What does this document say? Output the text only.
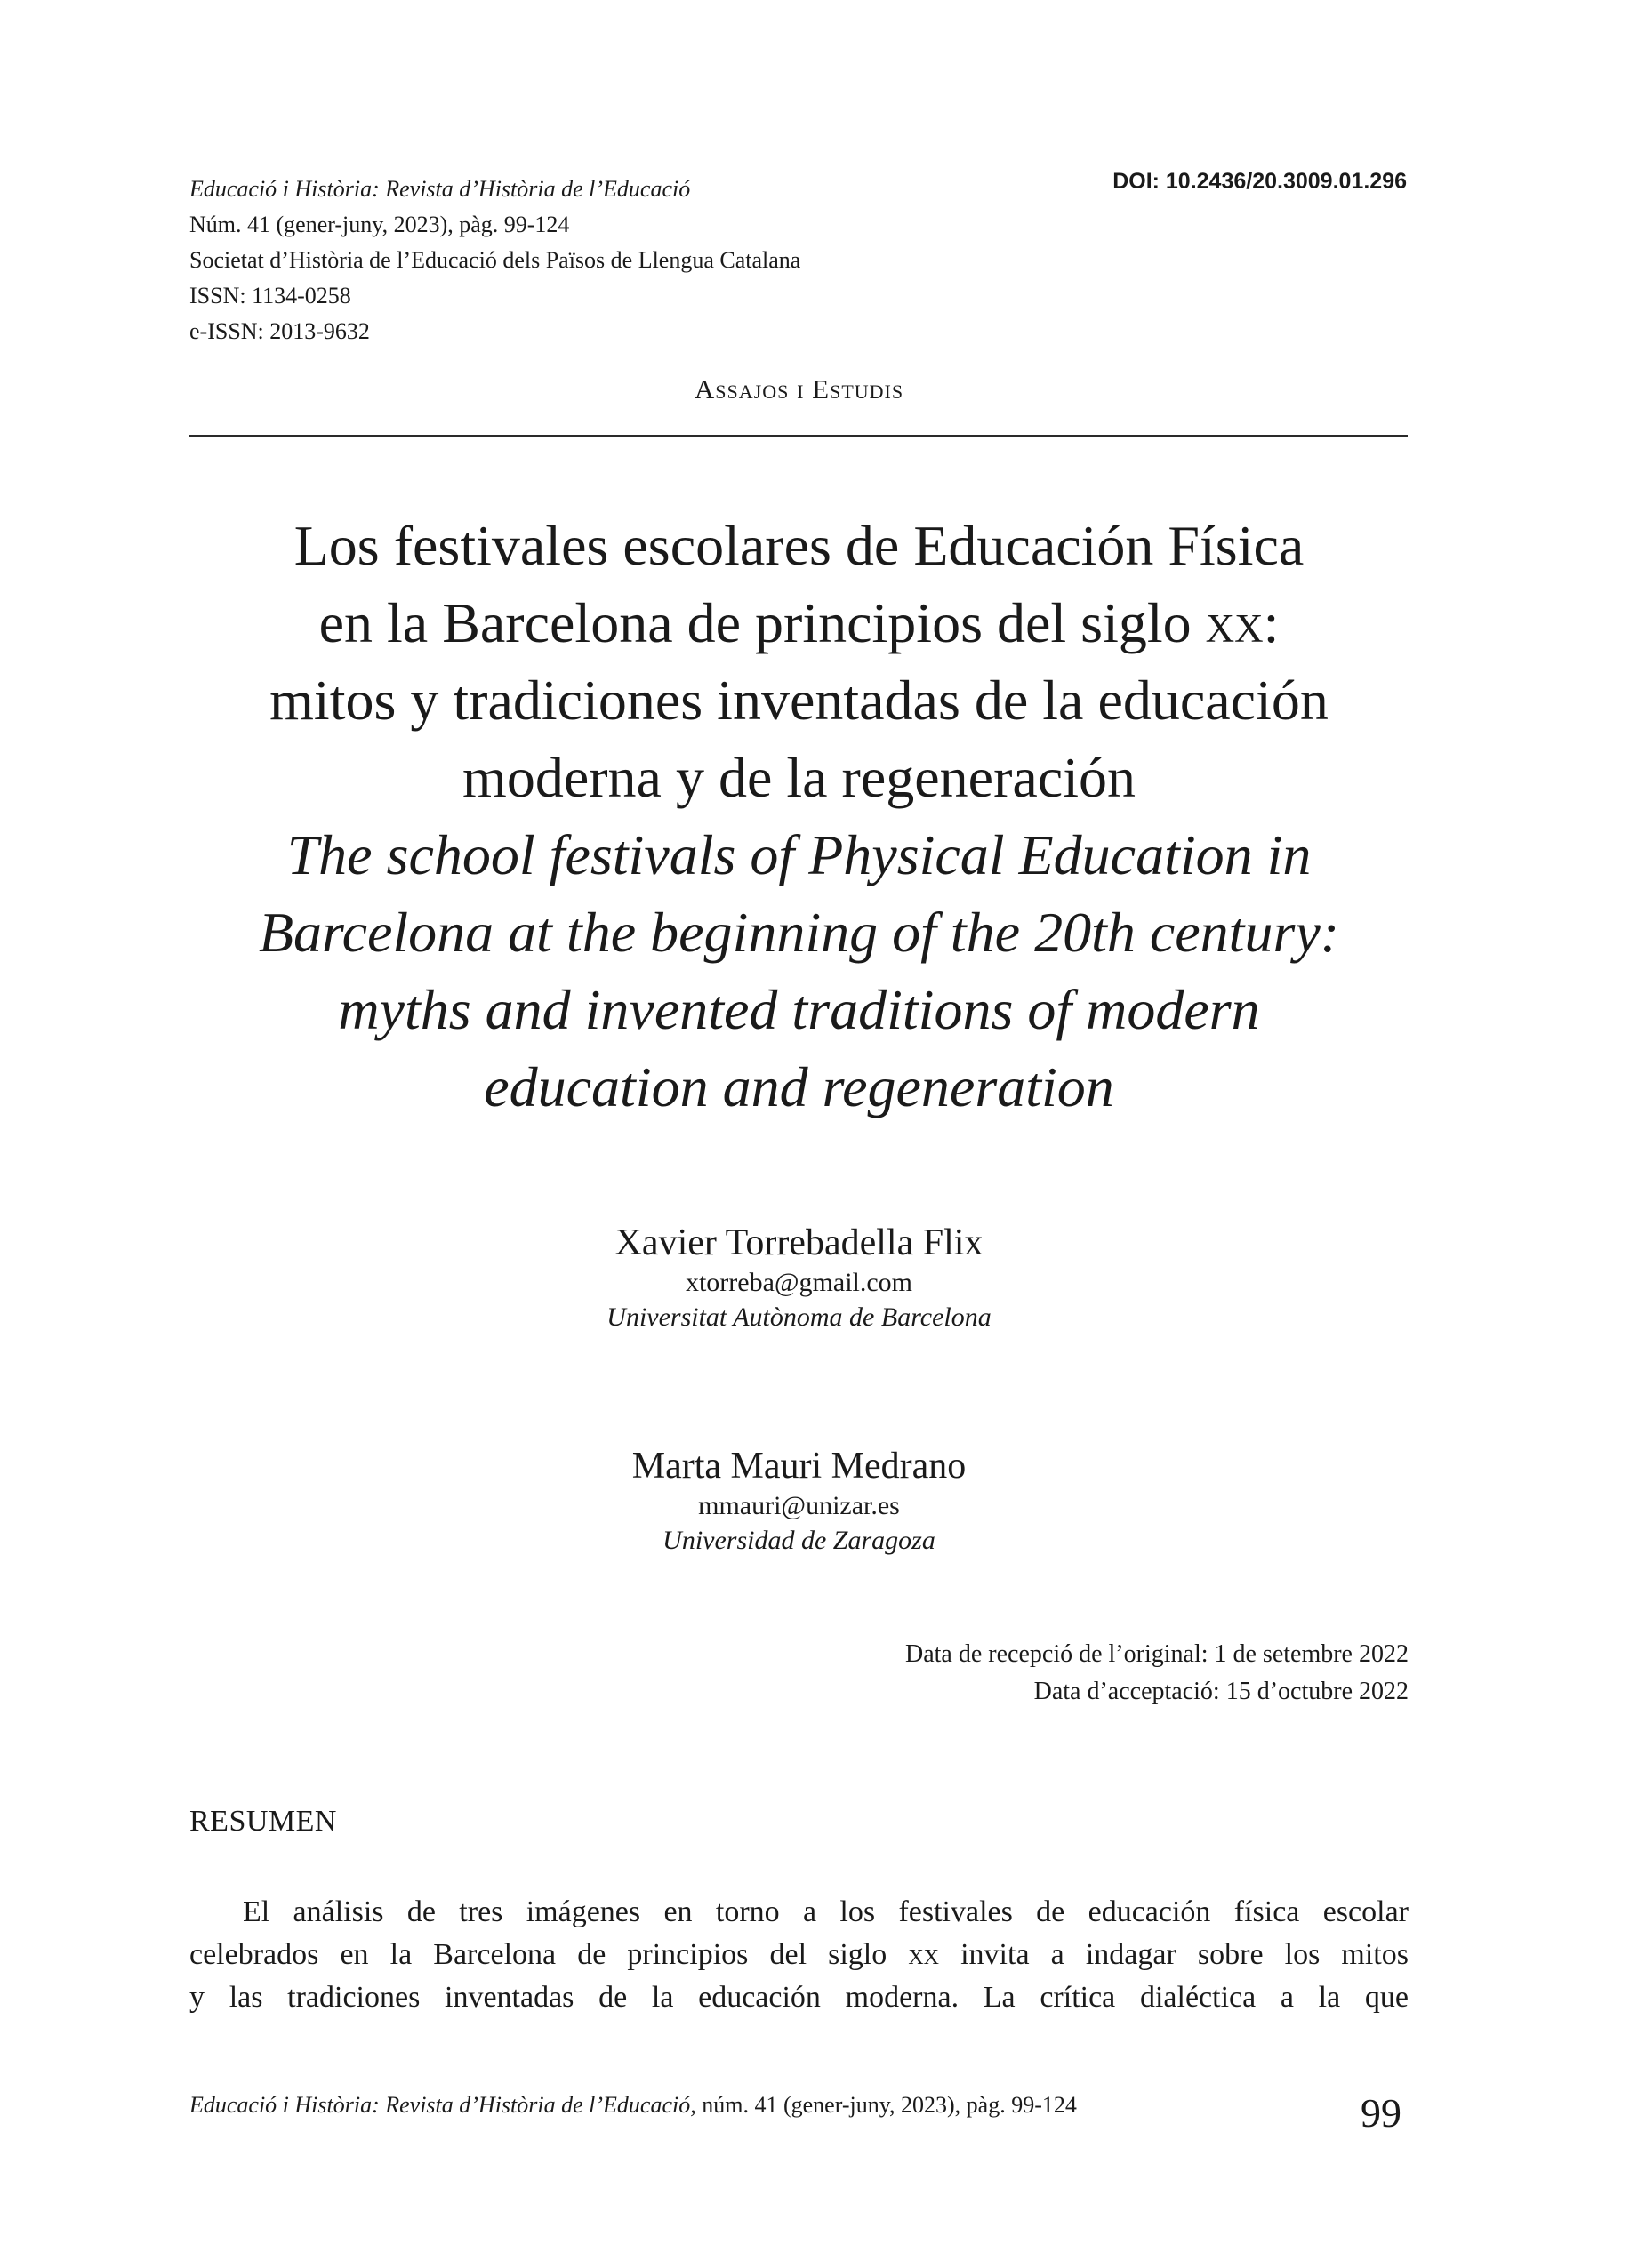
Educació i Història: Revista d’Història de l’Educació
Núm. 41 (gener-juny, 2023), pàg. 99-124
Societat d’Història de l’Educació dels Països de Llengua Catalana
ISSN: 1134-0258
e-ISSN: 2013-9632
DOI: 10.2436/20.3009.01.296
Assajos i Estudis
Los festivales escolares de Educación Física
en la Barcelona de principios del siglo xx:
mitos y tradiciones inventadas de la educación
moderna y de la regeneración
The school festivals of Physical Education in
Barcelona at the beginning of the 20th century:
myths and invented traditions of modern
education and regeneration
Xavier Torrebadella Flix
xtorreba@gmail.com
Universitat Autònoma de Barcelona
Marta Mauri Medrano
mmauri@unizar.es
Universidad de Zaragoza
Data de recepció de l’original: 1 de setembre 2022
Data d’acceptació: 15 d’octubre 2022
RESUMEN
El análisis de tres imágenes en torno a los festivales de educación física escolar
celebrados en la Barcelona de principios del siglo xx invita a indagar sobre los mitos
y las tradiciones inventadas de la educación moderna. La crítica dialéctica a la que
Educació i Història: Revista d’Història de l’Educació, núm. 41 (gener-juny, 2023), pàg. 99-124	99
